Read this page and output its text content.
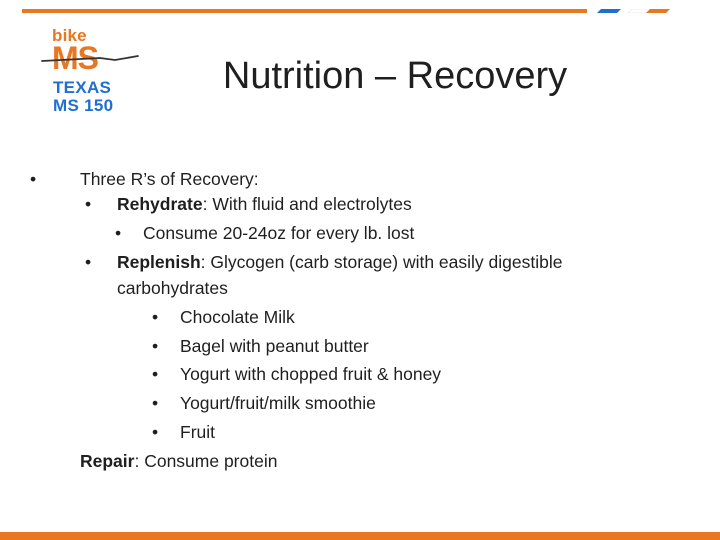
bike
MS
TEXAS
MS 150
Nutrition – Recovery
•	Three R’s of Recovery:
• Rehydrate: With fluid and electrolytes
• Consume 20-24oz for every lb. lost
• Replenish: Glycogen (carb storage) with easily digestible
carbohydrates
• Chocolate Milk
• Bagel with peanut butter
• Yogurt with chopped fruit & honey
• Yogurt/fruit/milk smoothie
• Fruit
Repair: Consume protein
